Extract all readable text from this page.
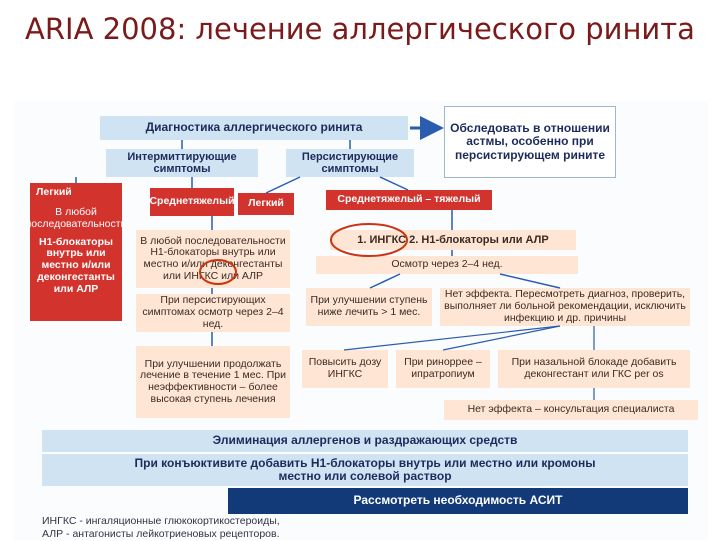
ARIA 2008: лечение аллергического ринита
Диагностика аллергического ринита	Обследовать в отношении астмы, особенно при персистирующем рините
Интермиттирующие симптомы
Персистирующие симптомы
Легкий
В любой последовательности
H1-блокаторы внутрь или местно и/или деконгестанты или АЛР
Среднетяжелый	Легкий
В любой последовательности Н1-блокаторы внутрь или местно и/или деконгестанты или ИНГКС или АЛР
При персистирующих симптомах осмотр через 2–4 нед.
При улучшении продолжать лечение в течение 1 мес. При неэффективности – более высокая ступень лечения
Среднетяжелый – тяжелый
1. ИНГКС 2. Н1-блокаторы или АЛР
Осмотр через 2–4 нед.
При улучшении ступень ниже лечить > 1 мес.
Нет эффекта. Пересмотреть диагноз, проверить, выполняет ли больной рекомендации, исключить инфекцию и др. причины
Повысить дозу ИНГКС
При риноррее – ипратропиум
При назальной блокаде добавить деконгестант или ГКС per os
Нет эффекта – консультация специалиста
Элиминация аллергенов и раздражающих средств
При конъюктивите добавить Н1-блокаторы внутрь или местно или кромоны местно или солевой раствор
Рассмотреть необходимость АСИТ
ИНГКС - ингаляционные глюкокортикостероиды,
АЛР - антагонисты лейкотриеновых рецепторов.
